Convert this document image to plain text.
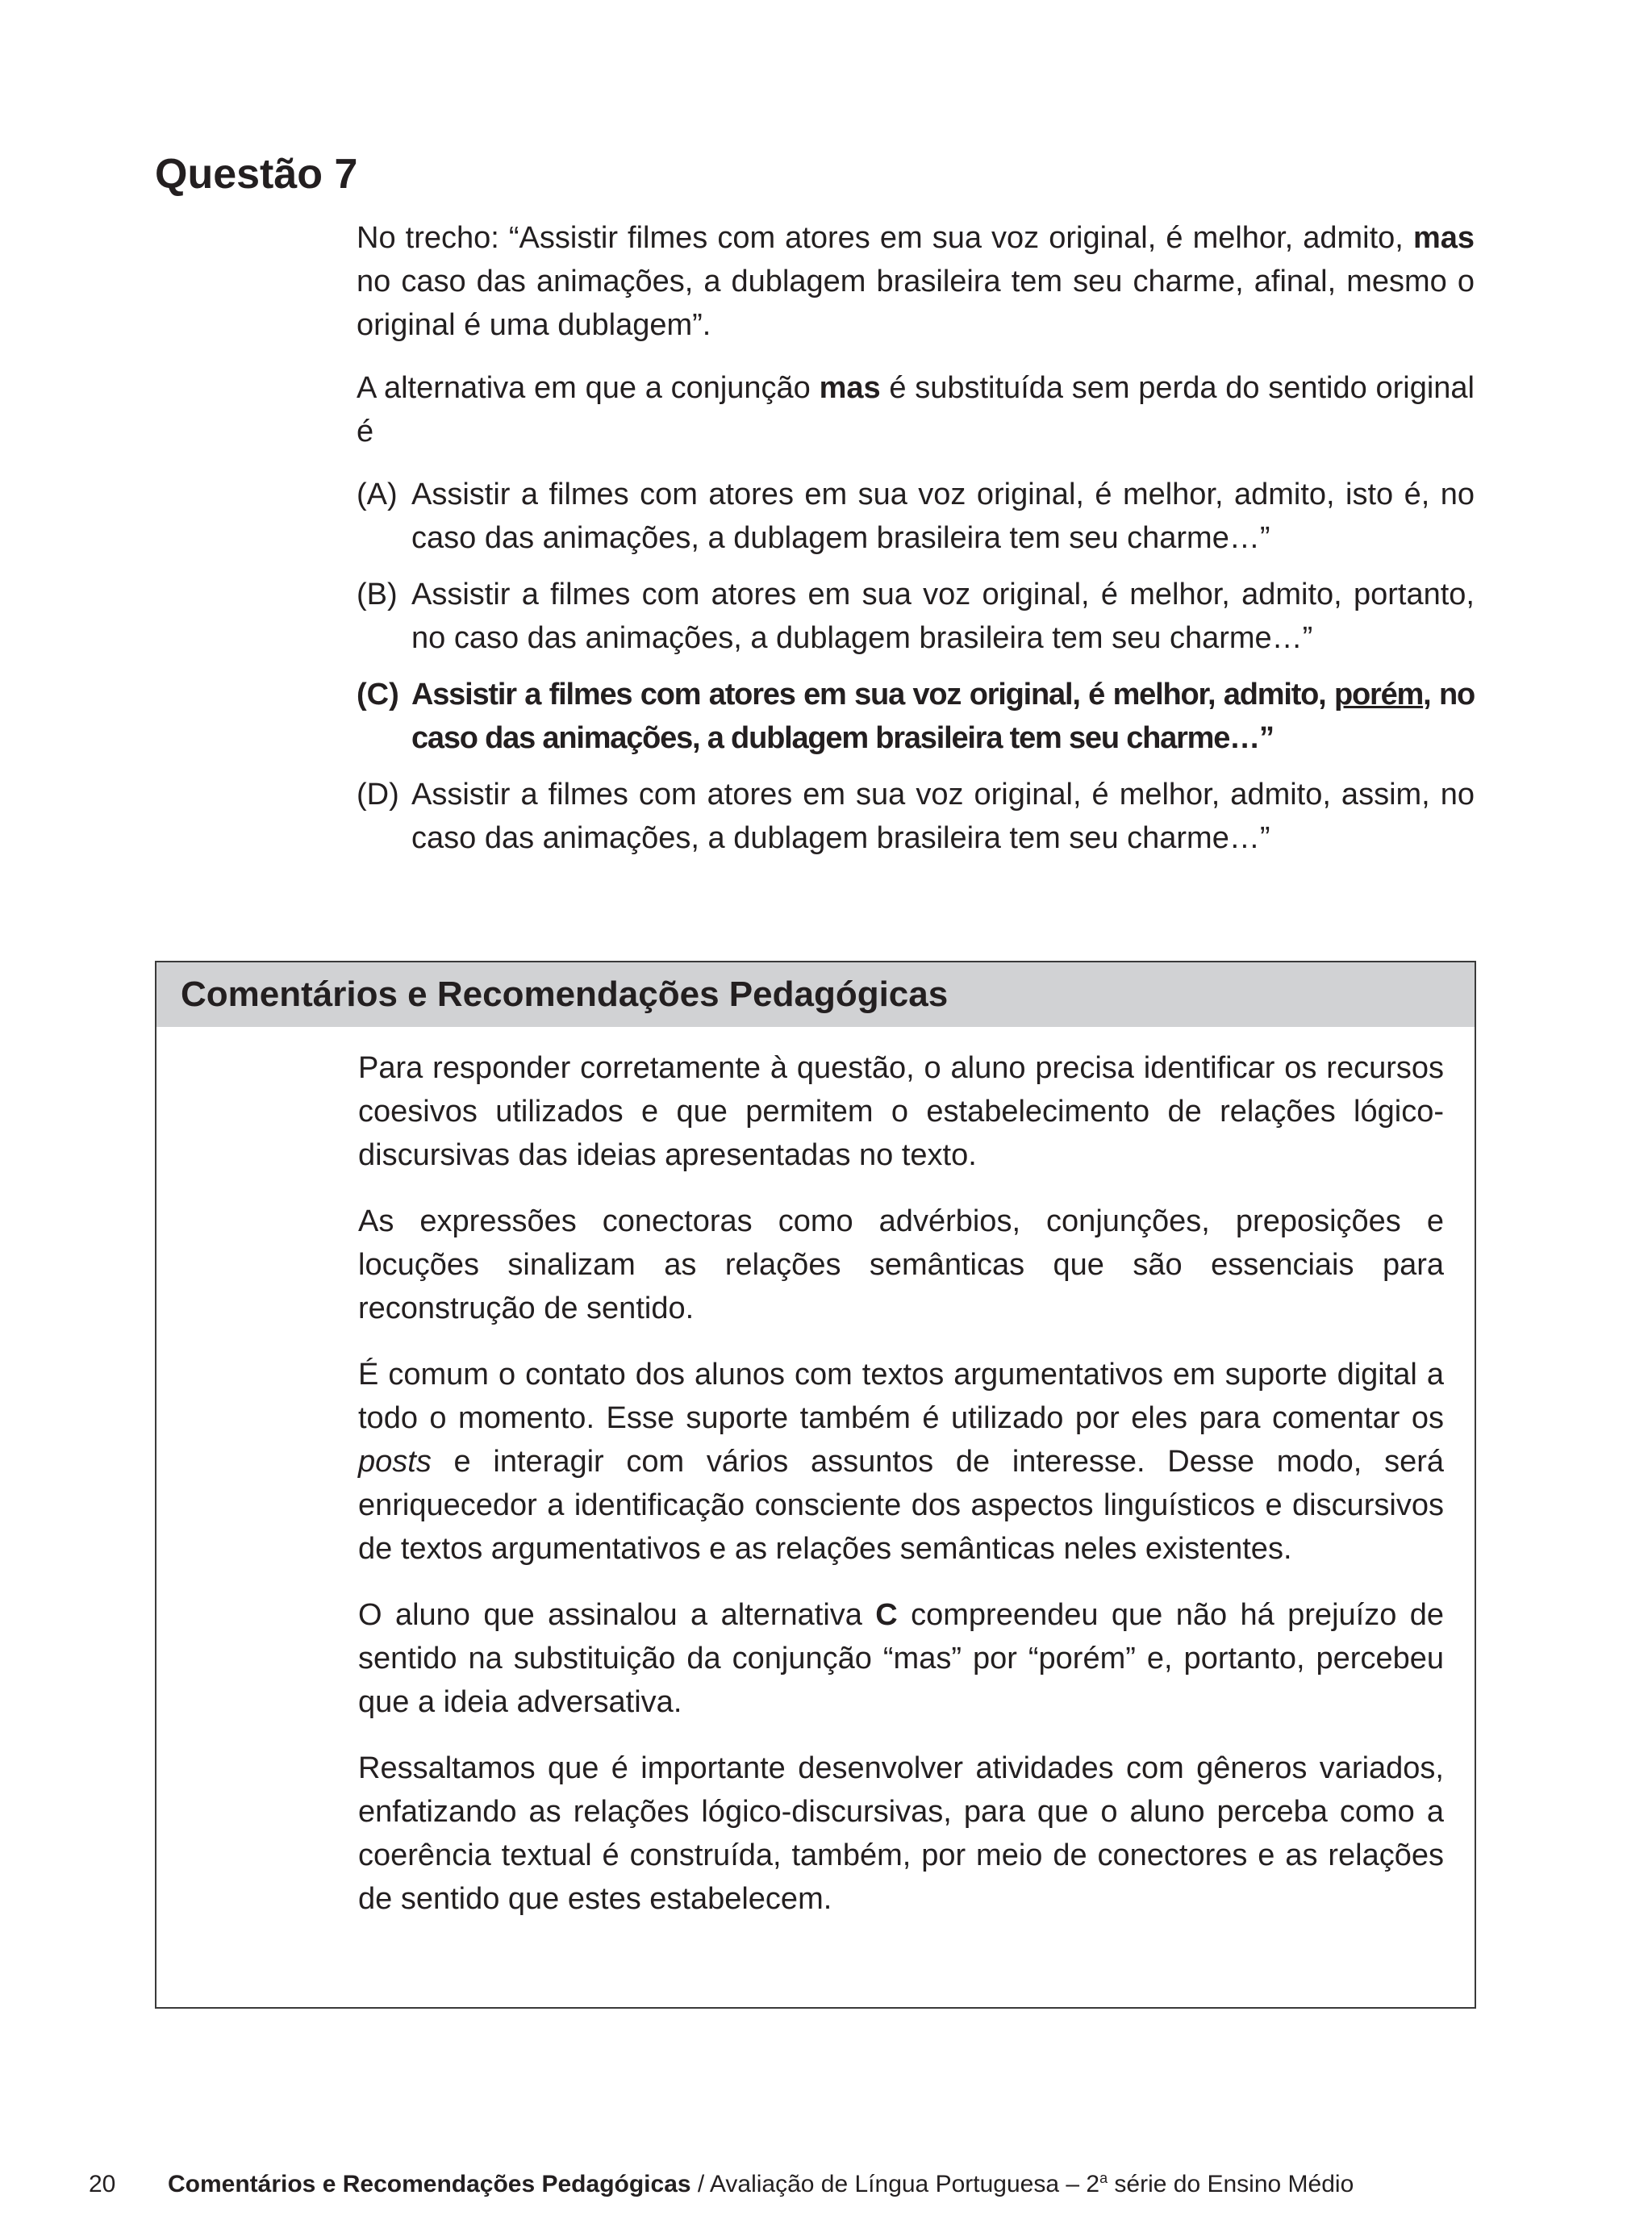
Questão 7

No trecho: “Assistir filmes com atores em sua voz original, é melhor, admito, mas no caso das animações, a dublagem brasileira tem seu charme, afinal, mesmo o original é uma dublagem”.

A alternativa em que a conjunção mas é substituída sem perda do sentido original é

(A) Assistir a filmes com atores em sua voz original, é melhor, admito, isto é, no caso das animações, a dublagem brasileira tem seu charme…”
(B) Assistir a filmes com atores em sua voz original, é melhor, admito, portanto, no caso das animações, a dublagem brasileira tem seu charme…”
(C) Assistir a filmes com atores em sua voz original, é melhor, admito, porém, no caso das animações, a dublagem brasileira tem seu charme…”
(D) Assistir a filmes com atores em sua voz original, é melhor, admito, assim, no caso das animações, a dublagem brasileira tem seu charme…”
Comentários e Recomendações Pedagógicas

Para responder corretamente à questão, o aluno precisa identificar os recursos coesivos utilizados e que permitem o estabelecimento de relações lógico-discursivas das ideias apresentadas no texto.

As expressões conectoras como advérbios, conjunções, preposições e locuções sinalizam as relações semânticas que são essenciais para reconstrução de sentido.

É comum o contato dos alunos com textos argumentativos em suporte digital a todo o momento. Esse suporte também é utilizado por eles para comentar os posts e interagir com vários assuntos de interesse. Desse modo, será enriquecedor a identificação consciente dos aspectos linguísticos e discursivos de textos argumentativos e as relações semânticas neles existentes.

O aluno que assinalou a alternativa C compreendeu que não há prejuízo de sentido na substituição da conjunção “mas” por “porém” e, portanto, percebeu que a ideia adversativa.

Ressaltamos que é importante desenvolver atividades com gêneros variados, enfatizando as relações lógico-discursivas, para que o aluno perceba como a coerência textual é construída, também, por meio de conectores e as relações de sentido que estes estabelecem.

20 Comentários e Recomendações Pedagógicas / Avaliação de Língua Portuguesa – 2$^a$ série do Ensino Médio
